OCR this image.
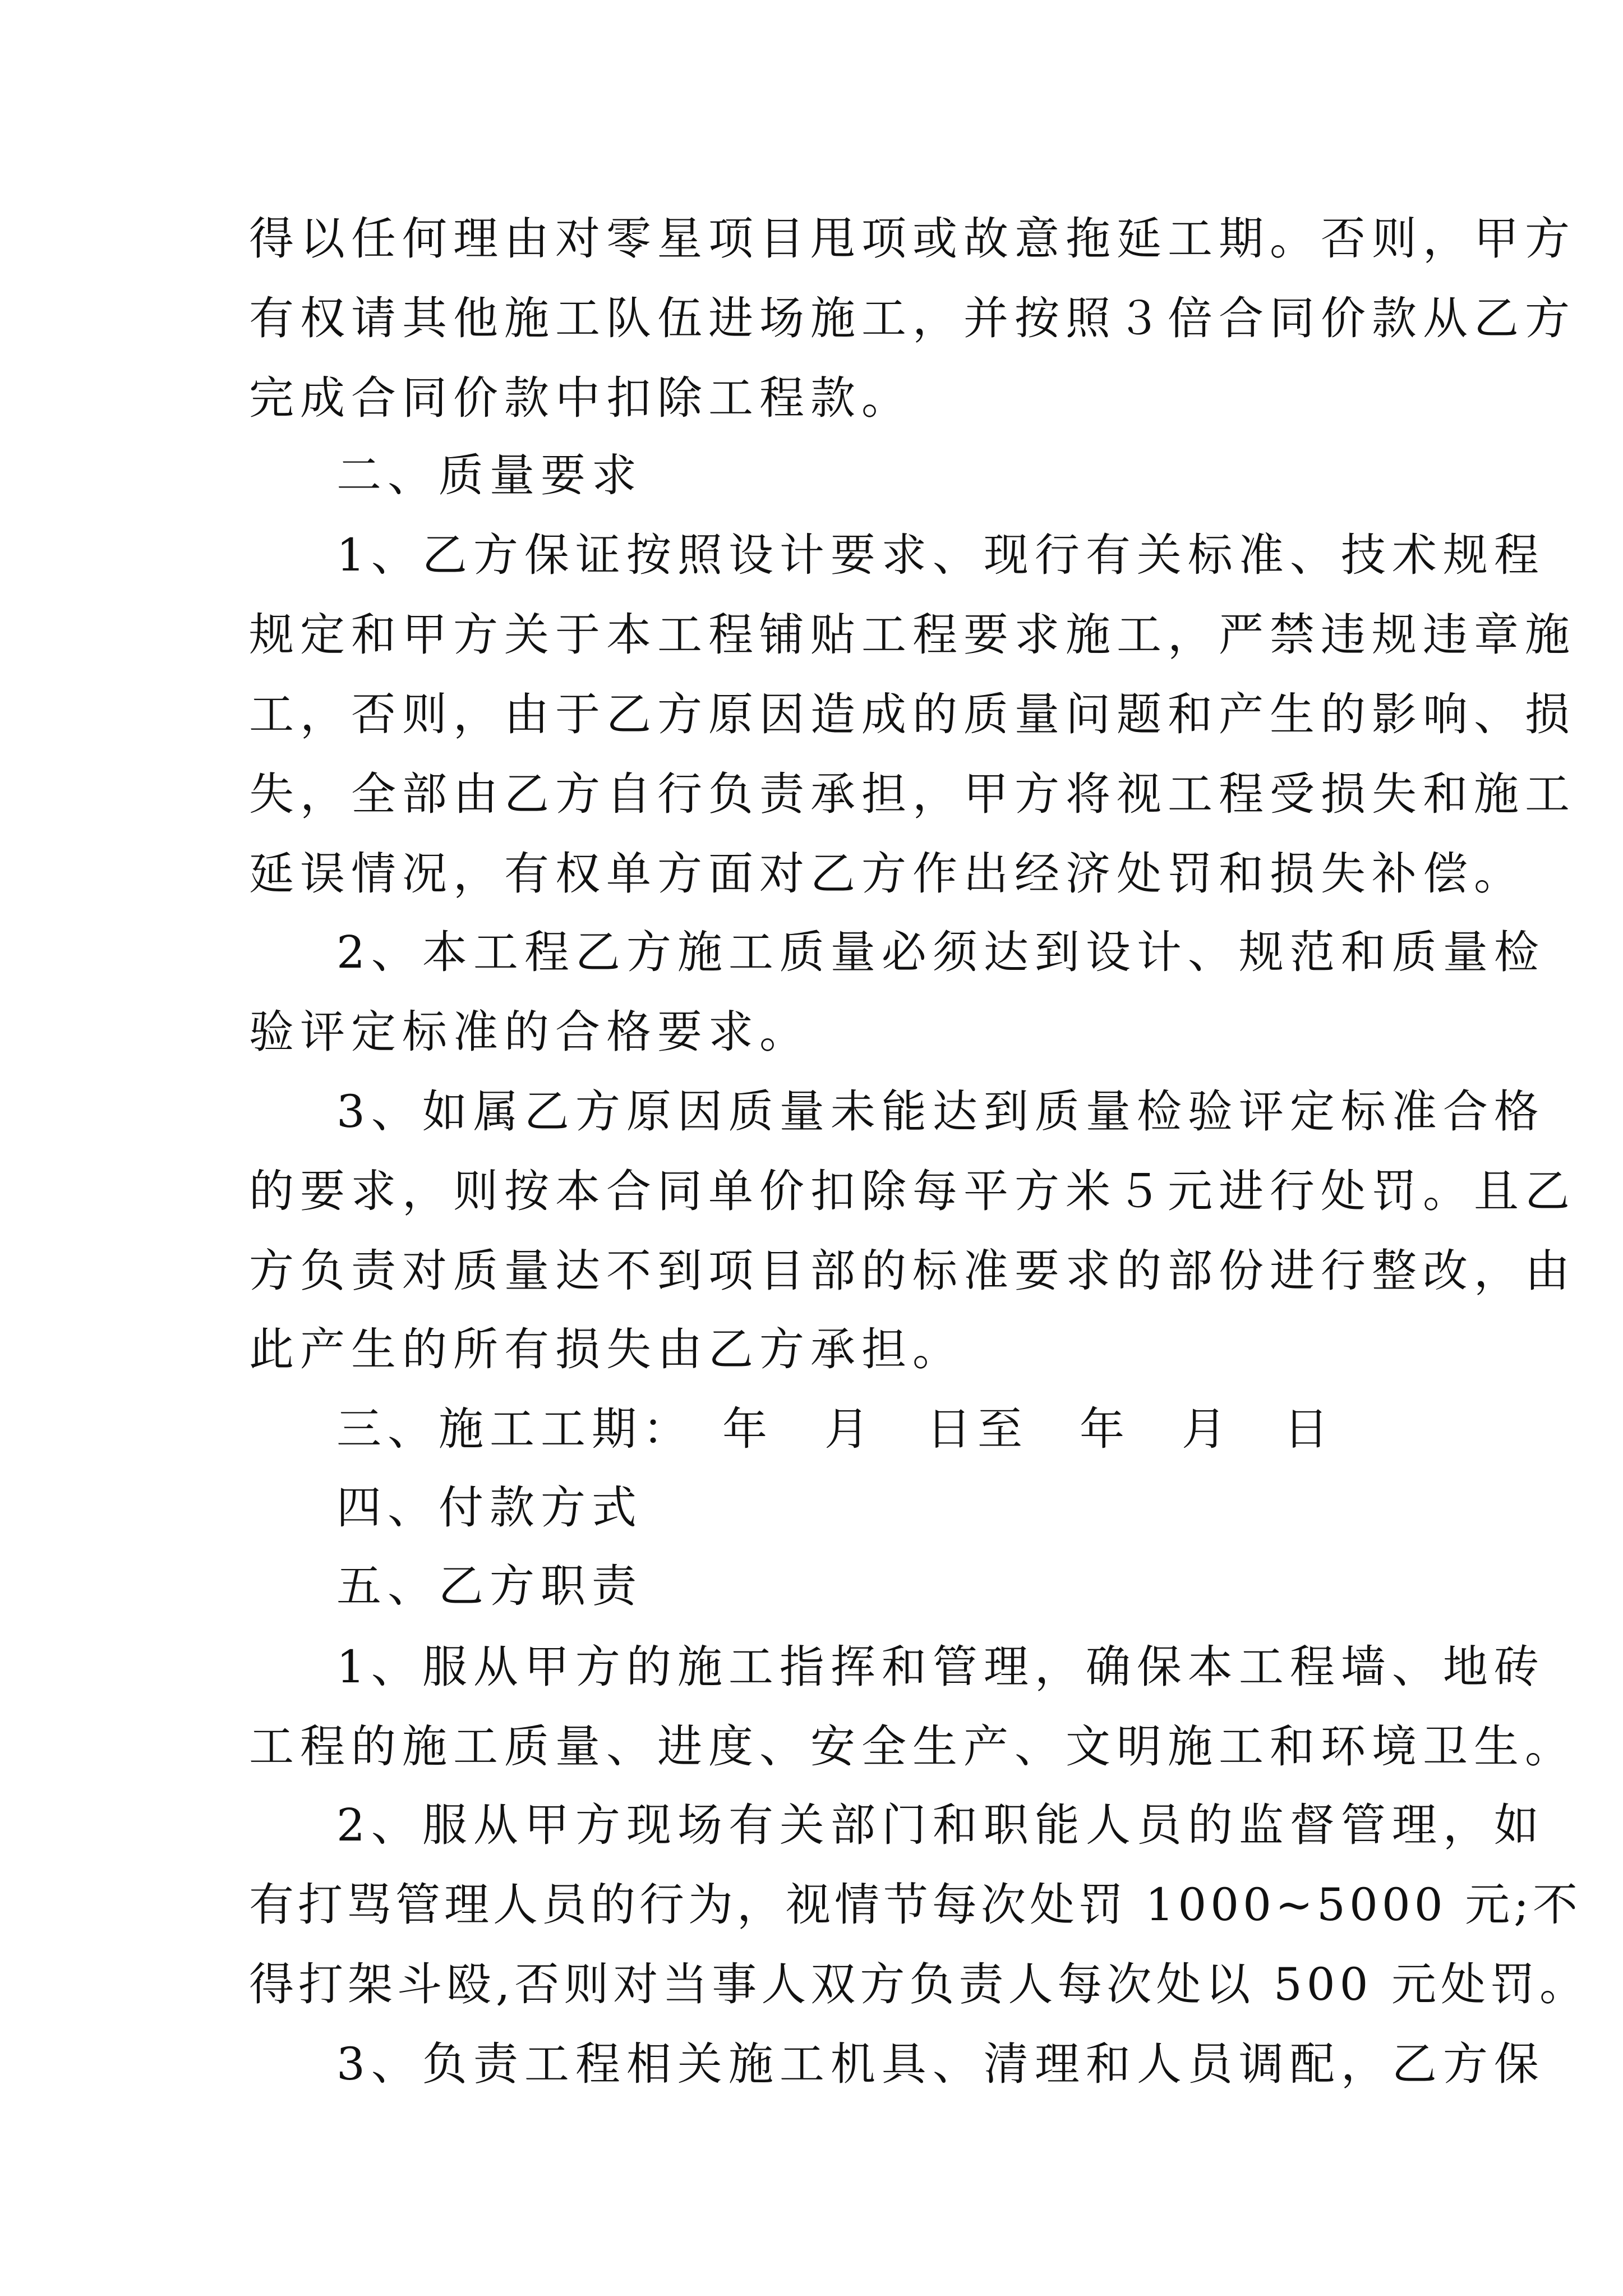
得以任何理由对零星项目甩项或故意拖延工期。否则，甲方
有权请其他施工队伍进场施工，并按照３倍合同价款从乙方
完成合同价款中扣除工程款。
二、质量要求
1、乙方保证按照设计要求、现行有关标准、技术规程
规定和甲方关于本工程铺贴工程要求施工，严禁违规违章施
工，否则，由于乙方原因造成的质量问题和产生的影响、损
失，全部由乙方自行负责承担，甲方将视工程受损失和施工
延误情况，有权单方面对乙方作出经济处罚和损失补偿。
2、本工程乙方施工质量必须达到设计、规范和质量检
验评定标准的合格要求。
3、如属乙方原因质量未能达到质量检验评定标准合格
的要求，则按本合同单价扣除每平方米５元进行处罚。且乙
方负责对质量达不到项目部的标准要求的部份进行整改，由
此产生的所有损失由乙方承担。
三、施工工期：　年　月　日至　年　月　日
四、付款方式
五、乙方职责
1、服从甲方的施工指挥和管理，确保本工程墙、地砖
工程的施工质量、进度、安全生产、文明施工和环境卫生。
2、服从甲方现场有关部门和职能人员的监督管理，如
有打骂管理人员的行为，视情节每次处罚 1000~5000 元;不
得打架斗殴,否则对当事人双方负责人每次处以 500 元处罚。
3、负责工程相关施工机具、清理和人员调配，乙方保
